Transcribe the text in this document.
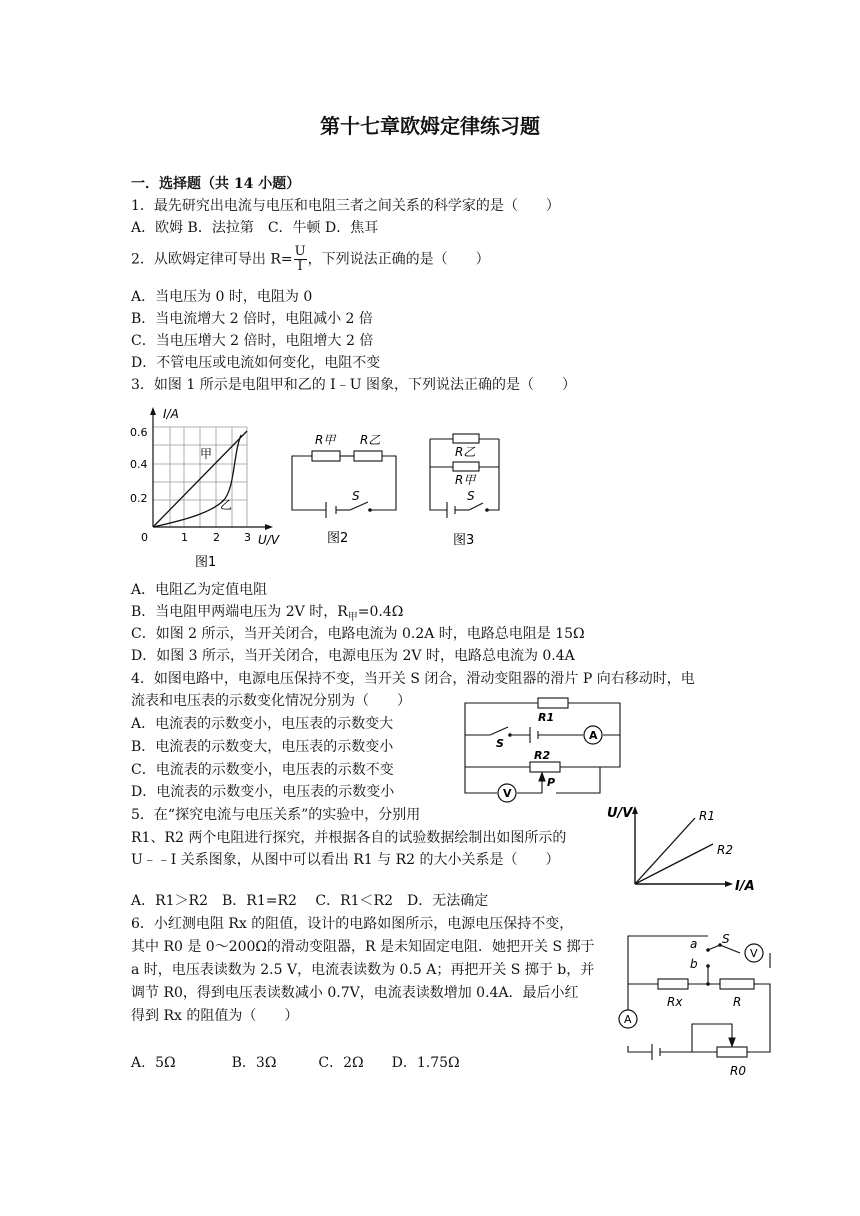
第十七章欧姆定律练习题
一．选择题（共 14 小题）
1．最先研究出电流与电压和电阻三者之间关系的科学家的是（　　）
A．欧姆 B．法拉第　C．牛顿 D．焦耳
2．从欧姆定律可导出 $R= \frac{U}{I}$ ，下列说法正确的是（　　）
A．当电压为 0 时，电阻为 0
B．当电流增大 2 倍时，电阻减小 2 倍
C．当电压增大 2 倍时，电阻增大 2 倍
D．不管电压或电流如何变化，电阻不变
3．如图 1 所示是电阻甲和乙的 I﹣U 图象，下列说法正确的是（　　）
I/A
U/V
0.6
0.4
0.2
0	1 2 3
甲
乙
图1
R甲 R乙
S
图2
R乙
R甲
S
图3
A．电阻乙为定值电阻
B．当电阻甲两端电压为 2V 时，$R_甲=0.4\Omega$
C．如图 2 所示，当开关闭合，电路电流为 0.2A 时，电路总电阻是 15Ω
D．如图 3 所示，当开关闭合，电源电压为 2V 时，电路总电流为 0.4A
4．如图电路中，电源电压保持不变，当开关 S 闭合，滑动变阻器的滑片 P 向右移动时，电
流表和电压表的示数变化情况分别为（　　）
A．电流表的示数变小，电压表的示数变大
B．电流表的示数变大，电压表的示数变小
C．电流表的示数变小，电压表的示数不变
D．电流表的示数变小，电压表的示数变小
A
V
R1
R2
S
P
5．在“探究电流与电压关系”的实验中，分别用
R1、R2 两个电阻进行探究，并根据各自的试验数据绘制出如图所示的
U﹣﹣I 关系图象，从图中可以看出 R1 与 R2 的大小关系是（　　）
A．R1＞R2　B．R1=R2　 C．R1＜R2　D．无法确定
U/V
I/A
R1
R2
6．小红测电阻 Rx 的阻值，设计的电路如图所示，电源电压保持不变，
其中 R0 是 0～200Ω的滑动变阻器，R 是未知固定电阻．她把开关 S 掷于
a 时，电压表读数为 2.5 V，电流表读数为 0.5 A；再把开关 S 掷于 b，并
调节 R0，得到电压表读数减小 0.7V，电流表读数增加 0.4A．最后小红
得到 Rx 的阻值为（　　）
A．5Ω　　　　B．3Ω　　　C．2Ω　　D．1.75Ω
V
A
a
b
S
Rx	R
R0
